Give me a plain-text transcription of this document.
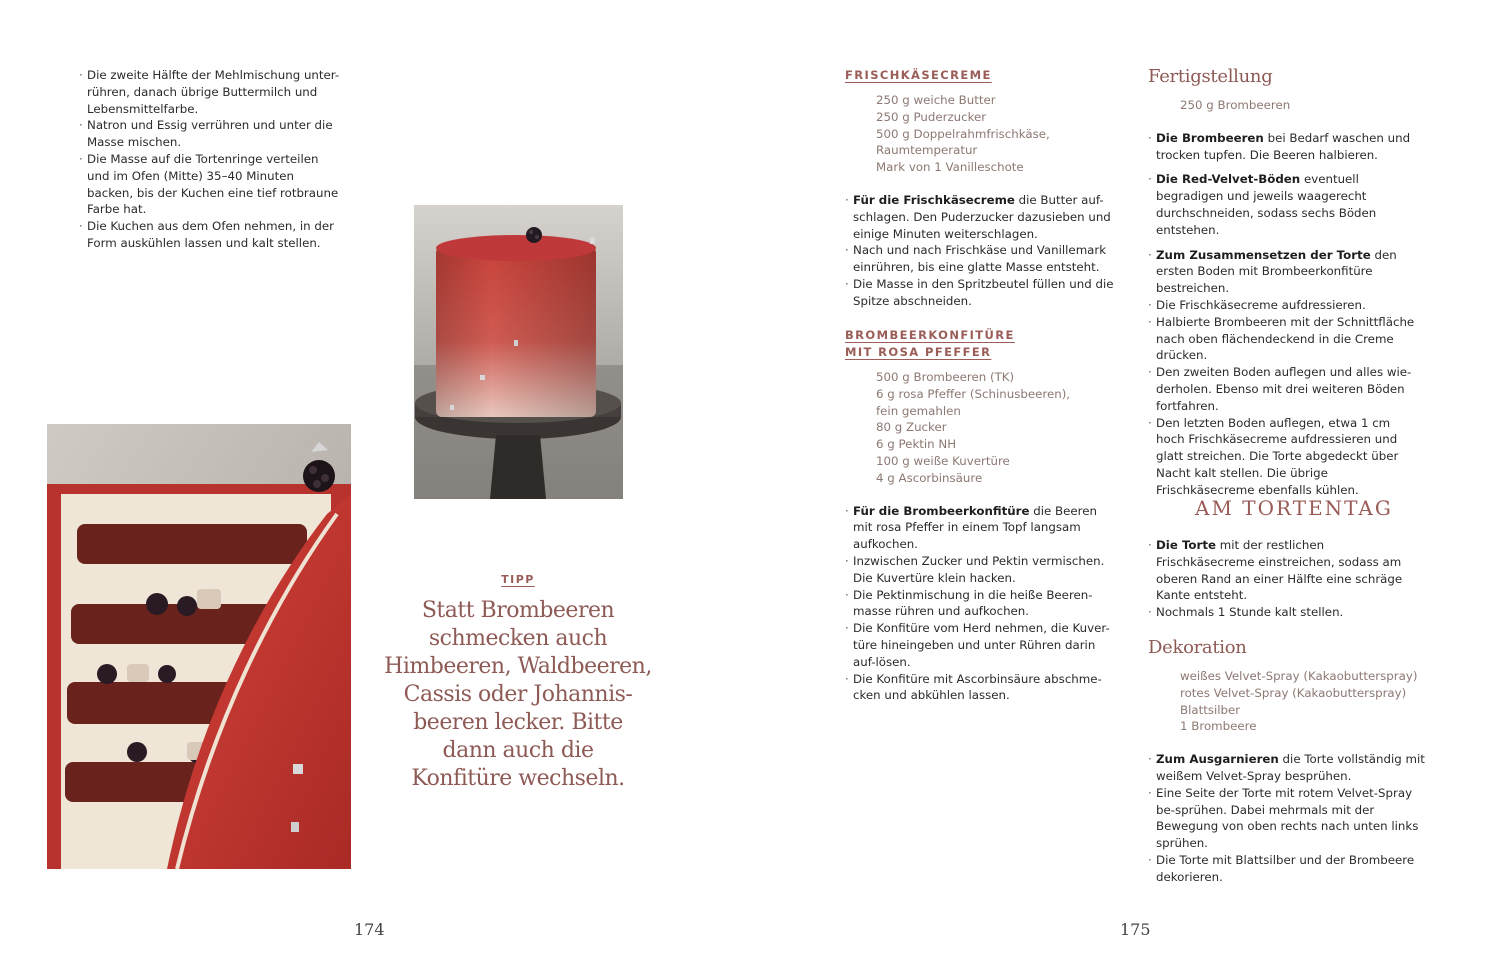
· Die zweite Hälfte der Mehlmischung unter-rühren, danach übrige Buttermilch und Lebensmittelfarbe.
· Natron und Essig verrühren und unter die Masse mischen.
· Die Masse auf die Tortenringe verteilen und im Ofen (Mitte) 35–40 Minuten backen, bis der Kuchen eine tief rotbraune Farbe hat.
· Die Kuchen aus dem Ofen nehmen, in der Form auskühlen lassen und kalt stellen.
TIPP
Statt Brombeeren
schmecken auch
Himbeeren, Waldbeeren,
Cassis oder Johannis-
beeren lecker. Bitte
dann auch die
Konfitüre wechseln.
174
FRISCHKÄSECREME
250 g weiche Butter
250 g Puderzucker
500 g Doppelrahmfrischkäse,
Raumtemperatur
Mark von 1 Vanilleschote
· Für die Frischkäsecreme die Butter auf-schlagen. Den Puderzucker dazusieben und einige Minuten weiterschlagen.
· Nach und nach Frischkäse und Vanillemark einrühren, bis eine glatte Masse entsteht.
· Die Masse in den Spritzbeutel füllen und die Spitze abschneiden.
BROMBEERKONFITÜRE
MIT ROSA PFEFFER
500 g Brombeeren (TK)
6 g rosa Pfeffer (Schinusbeeren),
fein gemahlen
80 g Zucker
6 g Pektin NH
100 g weiße Kuvertüre
4 g Ascorbinsäure
· Für die Brombeerkonfitüre die Beeren mit rosa Pfeffer in einem Topf langsam aufkochen.
· Inzwischen Zucker und Pektin vermischen. Die Kuvertüre klein hacken.
· Die Pektinmischung in die heiße Beeren-masse rühren und aufkochen.
· Die Konfitüre vom Herd nehmen, die Kuver-türe hineingeben und unter Rühren darin auf-lösen.
· Die Konfitüre mit Ascorbinsäure abschme-cken und abkühlen lassen.
Fertigstellung
250 g Brombeeren
· Die Brombeeren bei Bedarf waschen und trocken tupfen. Die Beeren halbieren.
· Die Red-Velvet-Böden eventuell begradigen und jeweils waagerecht durchschneiden, sodass sechs Böden entstehen.
· Zum Zusammensetzen der Torte den ersten Boden mit Brombeerkonfitüre bestreichen.
· Die Frischkäsecreme aufdressieren.
· Halbierte Brombeeren mit der Schnittfläche nach oben flächendeckend in die Creme drücken.
· Den zweiten Boden auflegen und alles wie-derholen. Ebenso mit drei weiteren Böden fortfahren.
· Den letzten Boden auflegen, etwa 1 cm hoch Frischkäsecreme aufdressieren und glatt streichen. Die Torte abgedeckt über Nacht kalt stellen. Die übrige Frischkäsecreme ebenfalls kühlen.
AM TORTENTAG
· Die Torte mit der restlichen Frischkäsecreme einstreichen, sodass am oberen Rand an einer Hälfte eine schräge Kante entsteht.
· Nochmals 1 Stunde kalt stellen.
Dekoration
weißes Velvet-Spray (Kakaobutterspray)
rotes Velvet-Spray (Kakaobutterspray)
Blattsilber
1 Brombeere
· Zum Ausgarnieren die Torte vollständig mit weißem Velvet-Spray besprühen.
· Eine Seite der Torte mit rotem Velvet-Spray be-sprühen. Dabei mehrmals mit der Bewegung von oben rechts nach unten links sprühen.
· Die Torte mit Blattsilber und der Brombeere dekorieren.
175
